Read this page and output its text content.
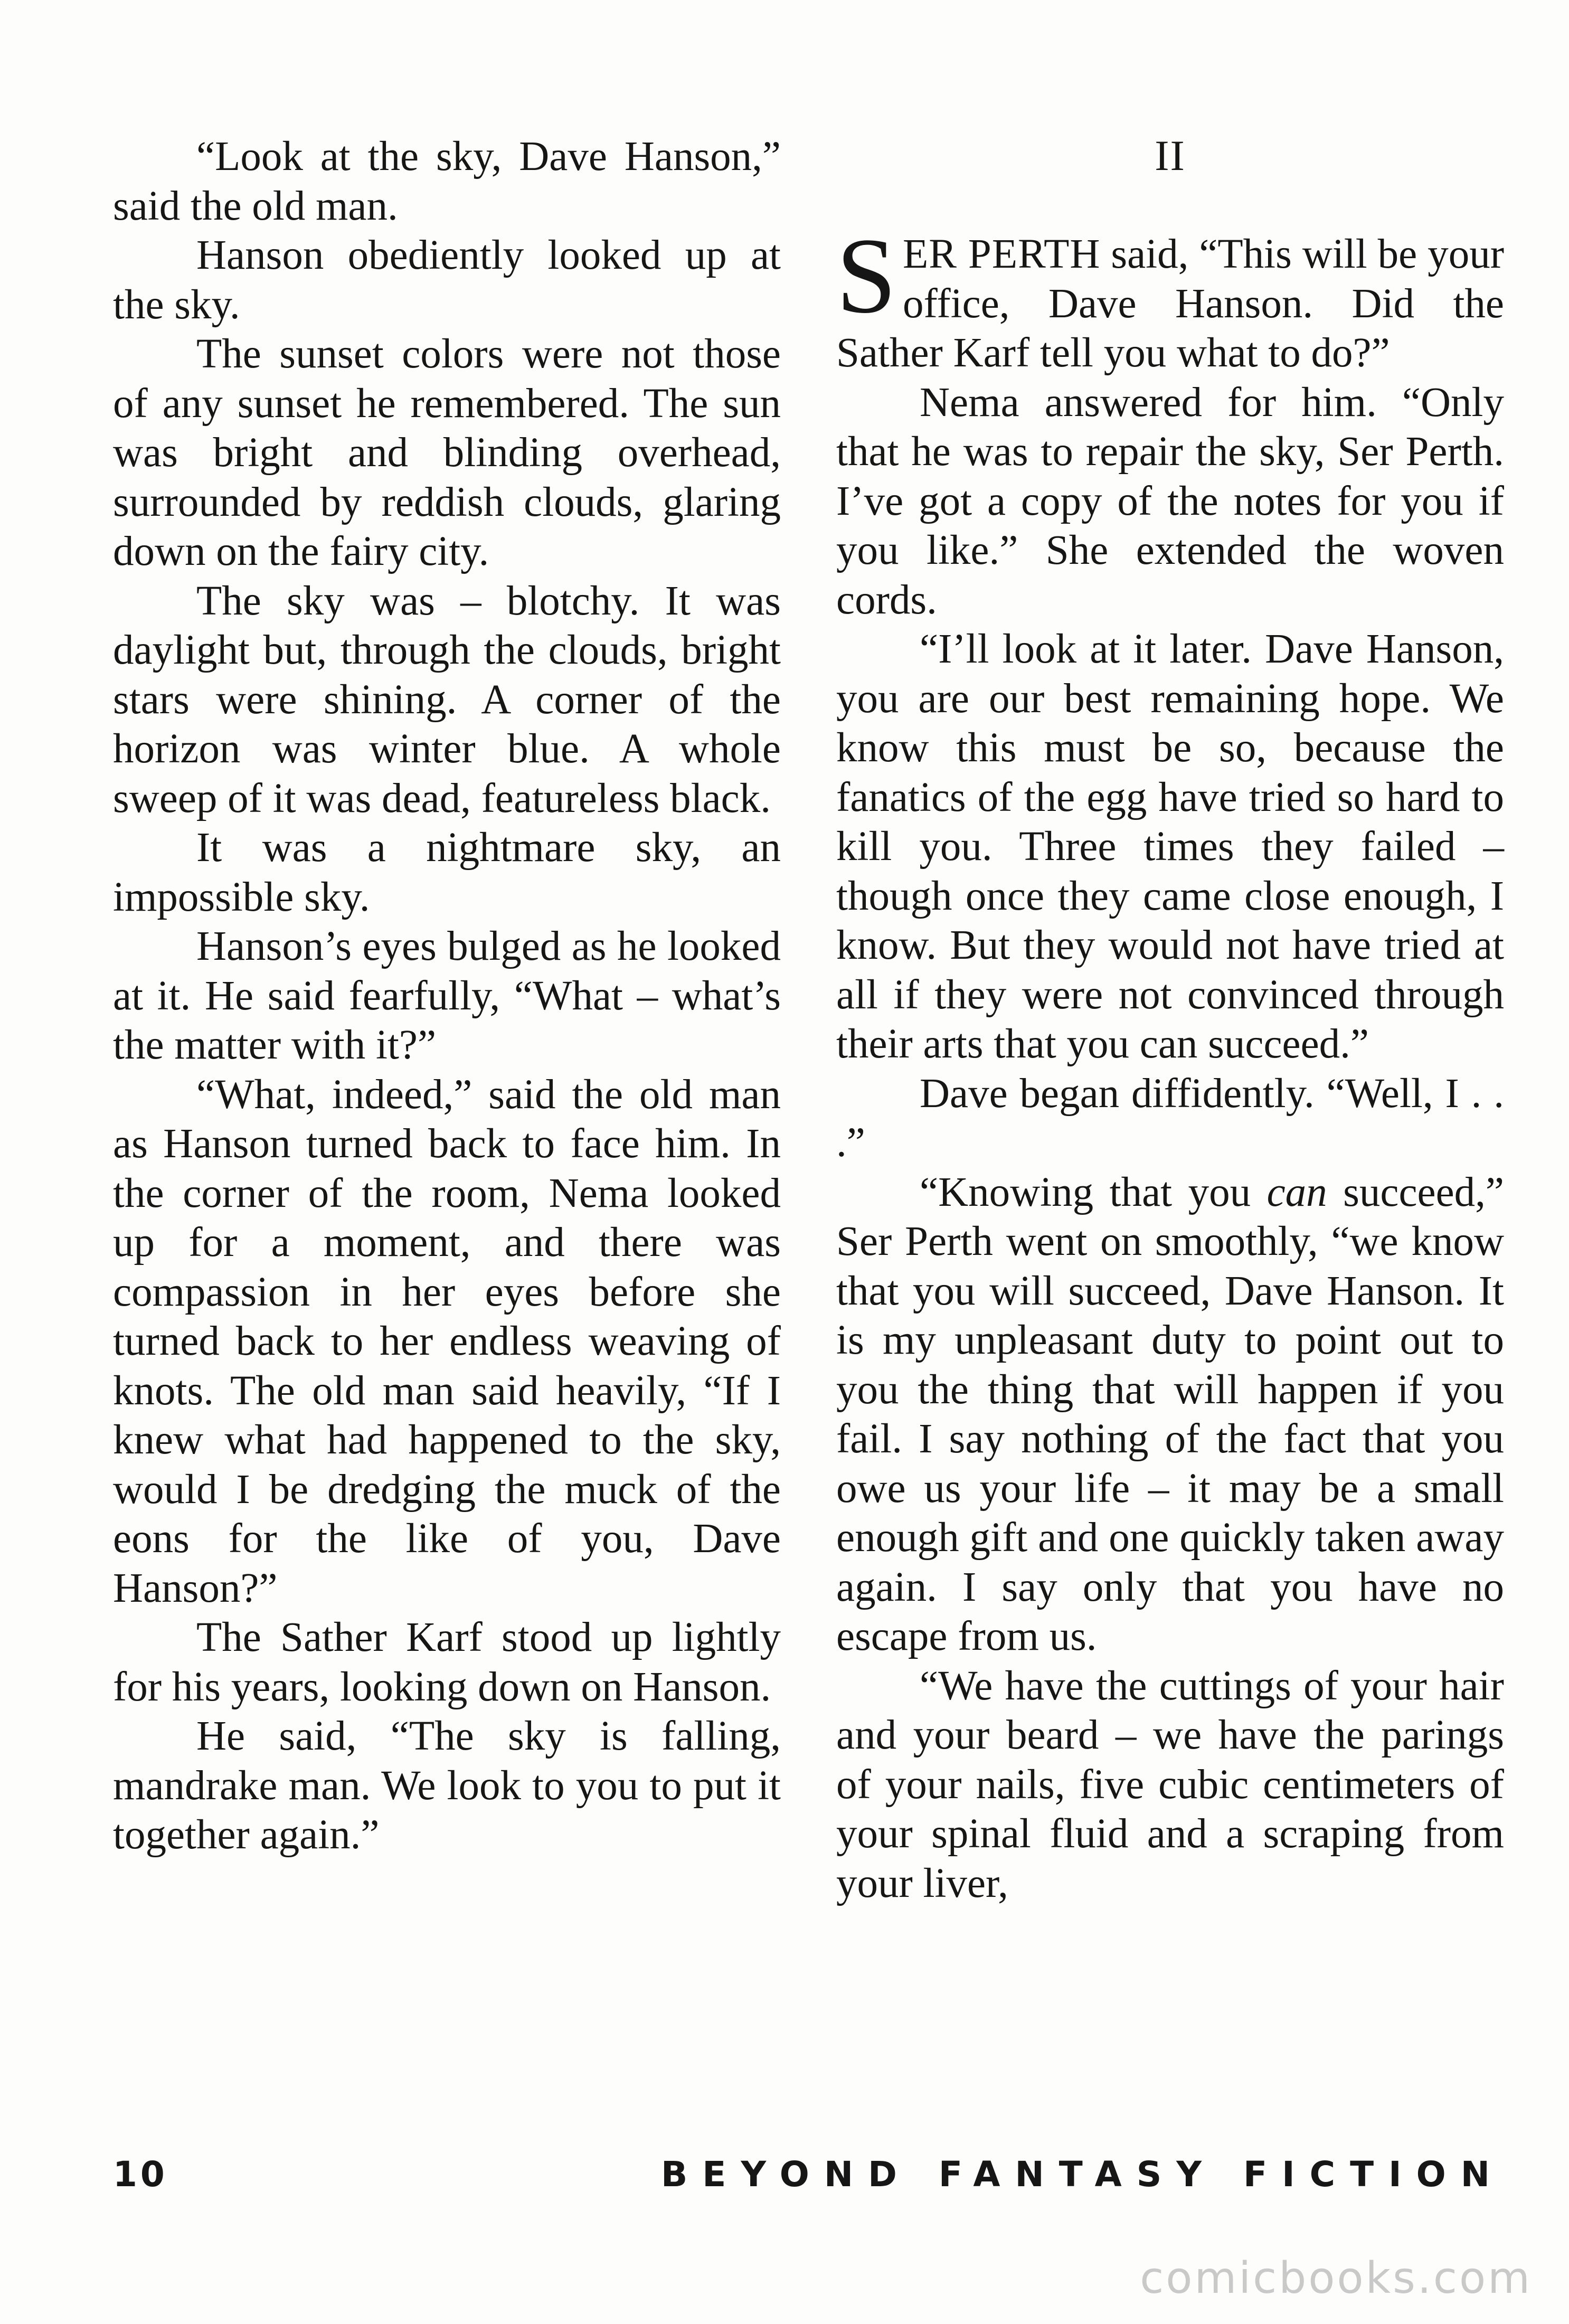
“Look at the sky, Dave Hanson,” said the old man.

Hanson obediently looked up at the sky.

The sunset colors were not those of any sunset he remembered. The sun was bright and blinding overhead, surrounded by reddish clouds, glaring down on the fairy city.

The sky was – blotchy. It was daylight but, through the clouds, bright stars were shining. A corner of the horizon was winter blue. A whole sweep of it was dead, featureless black.

It was a nightmare sky, an impossible sky.

Hanson’s eyes bulged as he looked at it. He said fearfully, “What – what’s the matter with it?”

“What, indeed,” said the old man as Hanson turned back to face him. In the corner of the room, Nema looked up for a moment, and there was compassion in her eyes before she turned back to her endless weaving of knots. The old man said heavily, “If I knew what had happened to the sky, would I be dredging the muck of the eons for the like of you, Dave Hanson?”

The Sather Karf stood up lightly for his years, looking down on Hanson.

He said, “The sky is falling, mandrake man. We look to you to put it together again.”

II

SER PERTH said, “This will be your office, Dave Hanson. Did the Sather Karf tell you what to do?”

Nema answered for him. “Only that he was to repair the sky, Ser Perth. I’ve got a copy of the notes for you if you like.” She extended the woven cords.

“I’ll look at it later. Dave Hanson, you are our best remaining hope. We know this must be so, because the fanatics of the egg have tried so hard to kill you. Three times they failed – though once they came close enough, I know. But they would not have tried at all if they were not convinced through their arts that you can succeed.”

Dave began diffidently. “Well, I . . .”

“Knowing that you can succeed,” Ser Perth went on smoothly, “we know that you will succeed, Dave Hanson. It is my unpleasant duty to point out to you the thing that will happen if you fail. I say nothing of the fact that you owe us your life – it may be a small enough gift and one quickly taken away again. I say only that you have no escape from us.

“We have the cuttings of your hair and your beard – we have the parings of your nails, five cubic centimeters of your spinal fluid and a scraping from your liver,

10	BEYOND FANTASY FICTION
comicbooks.com
